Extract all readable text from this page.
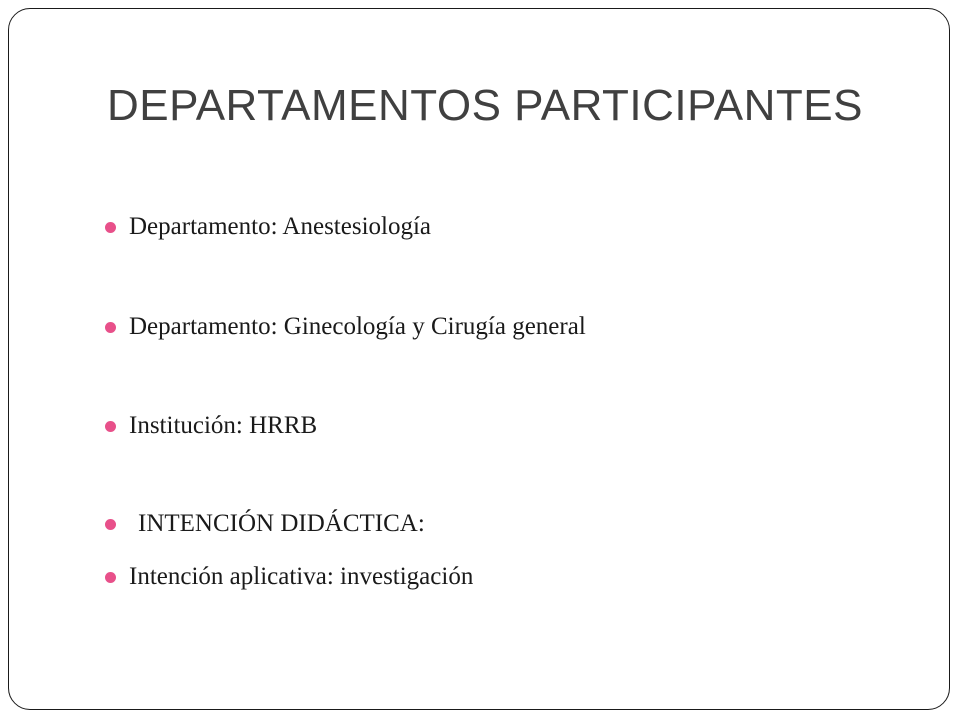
DEPARTAMENTOS PARTICIPANTES
Departamento: Anestesiología
Departamento: Ginecología y Cirugía general
Institución: HRRB
INTENCIÓN DIDÁCTICA:
Intención aplicativa: investigación
